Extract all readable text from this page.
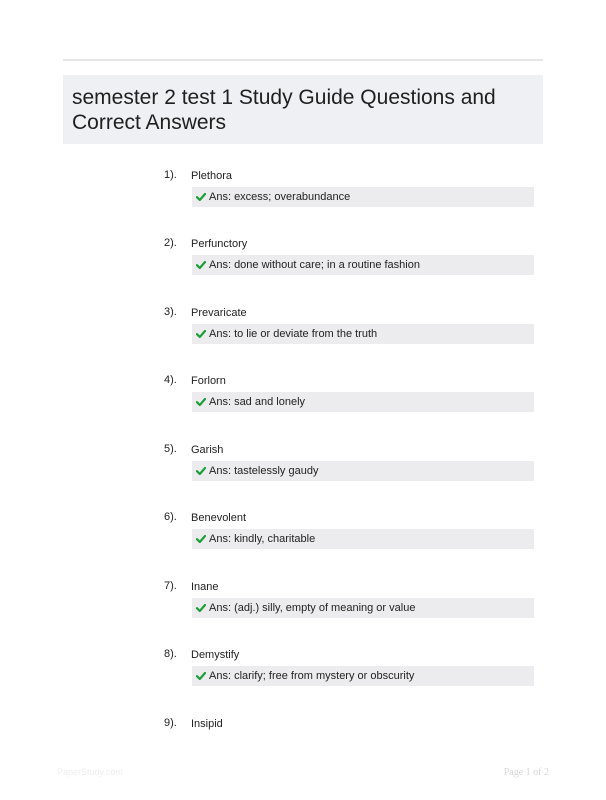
semester 2 test 1 Study Guide Questions and Correct Answers
1). Plethora
Ans: excess; overabundance
2). Perfunctory
Ans: done without care; in a routine fashion
3). Prevaricate
Ans: to lie or deviate from the truth
4). Forlorn
Ans: sad and lonely
5). Garish
Ans: tastelessly gaudy
6). Benevolent
Ans: kindly, charitable
7). Inane
Ans: (adj.) silly, empty of meaning or value
8). Demystify
Ans: clarify; free from mystery or obscurity
9). Insipid
PaperStudy.com	Page 1 of 2
